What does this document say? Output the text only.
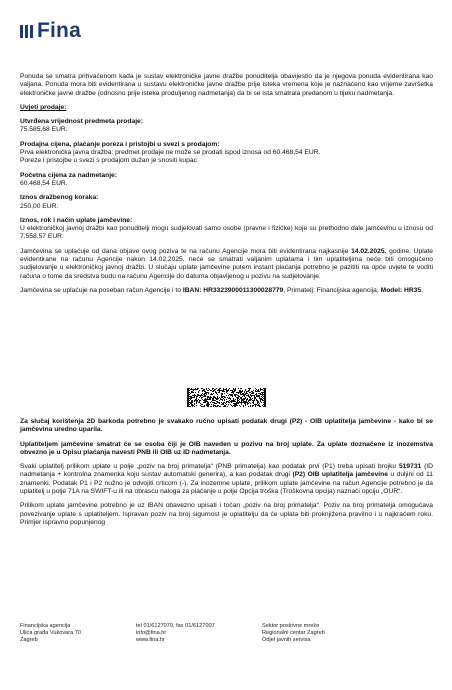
Fina

Ponuda se smatra prihvaćenom kada je sustav elektroničke javne dražbe ponuditelja obavijestio da je njegova ponuda evidentirana kao valjana. Ponuda mora biti evidentirana u sustavu elektroničke javne dražbe prije isteka vremena koje je naznačeno kao vrijeme završetka elektroničke javne dražbe (odnosno prije isteka produljenog nadmetanja) da bi se ista smatrala predanom u tijeku nadmetanja.

Uvjeti prodaje:

Utvrđena vrijednost predmeta prodaje:

75.585,68 EUR.

Prodajna cijena, plaćanje poreza i pristojbi u svezi s prodajom:

Prva elektronička javna dražba: predmet prodaje ne može se prodati ispod iznosa od 60.468,54 EUR.

Poreze i pristojbe u svezi s prodajom dužan je snositi kupac

Početna cijena za nadmetanje:

60.468,54 EUR.

Iznos dražbenog koraka:

250,00 EUR.

Iznos, rok i način uplate jamčevine:

U elektroničkoj javnoj dražbi kao ponuditelji mogu sudjelovati samo osobe (pravne i fizičke) koje su prethodno dale jamčevinu u iznosu od 7.558,57 EUR.

Jamčevina se uplaćuje od dana objave ovog poziva te na računu Agencije mora biti evidentirana najkasnije 14.02.2025. godine. Uplate evidentirane na računu Agencije nakon 14.02.2025. neće se smatrati valjanim uplatama i tim uplatiteljima neće biti omogućeno sudjelovanje u elektroničkoj javnoj dražbi. U slučaju uplate jamčevine putem instant plaćanja potrebno je pazititi na opće uvjete te vodìti računa o tome da sredstva budu na računu Agencije do datuma objavljenog u pozivu na sudjelovanje.

Jamčevina se uplaćuje na poseban račun Agencije i to IBAN: HR3323900011300028779, Primatelj: Financijska agencija, Model: HR35.

Za slučaj korištenja 2D barkoda potrebno je svakako ručno upisati podatak drugi (P2) - OIB uplatitelja jamčevine - kako bi se jamčevina uredno uparila.

Uplatiteljem jamčevine smatrat će se osoba čiji je OIB naveden u pozivu na broj uplate. Za uplate doznačene iz inozemstva obvezno je u Opisu plaćanja navesti PNB ili OIB uz ID nadmetanja.

Svaki uplatitelj prilikom uplate u polje „poziv na broj primatelja“ (PNB primatelja) kao podatak prvi (P1) treba upisati brojku 519731 (ID nadmetanja + kontrolna znamenka koju sustav automatski generira), a kao podatak drugi (P2) OIB uplatitelja jamčevine u duljini od 11 znamenki. Podatak P1 i P2 nužno je odvojiti crticom (-). Za inozemne uplate, prilikom uplate jamčevine na račun Agencije potrebno je da uplatitelj u polje 71A na SWIFT-u ili na obrascu naloga za plaćanje u polje Opcija troška (Troškovna opcija) naznači opciju „OUR“.

Prilikom uplate jamčevine potrebno je uz IBAN obavezno upisati i točan „poziv na broj primatelja“. Poziv na broj primatelja omogućava povezivanje uplate s uplatiteljem. Ispravan poziv na broj sigurnost je uplatitelju da će uplata biti proknjižena pravilno i u najkraćem roku. Primjer ispravno popunjenog

Financijska agencija
Ulica grada Vukovara 70
Zagreb
tel 01/6127070, fax 01/6127007
info@fina.hr
www.fina.hr
Sektor poslovne mreže
Regionalni centar Zagreb
Odjel javnih servisa
